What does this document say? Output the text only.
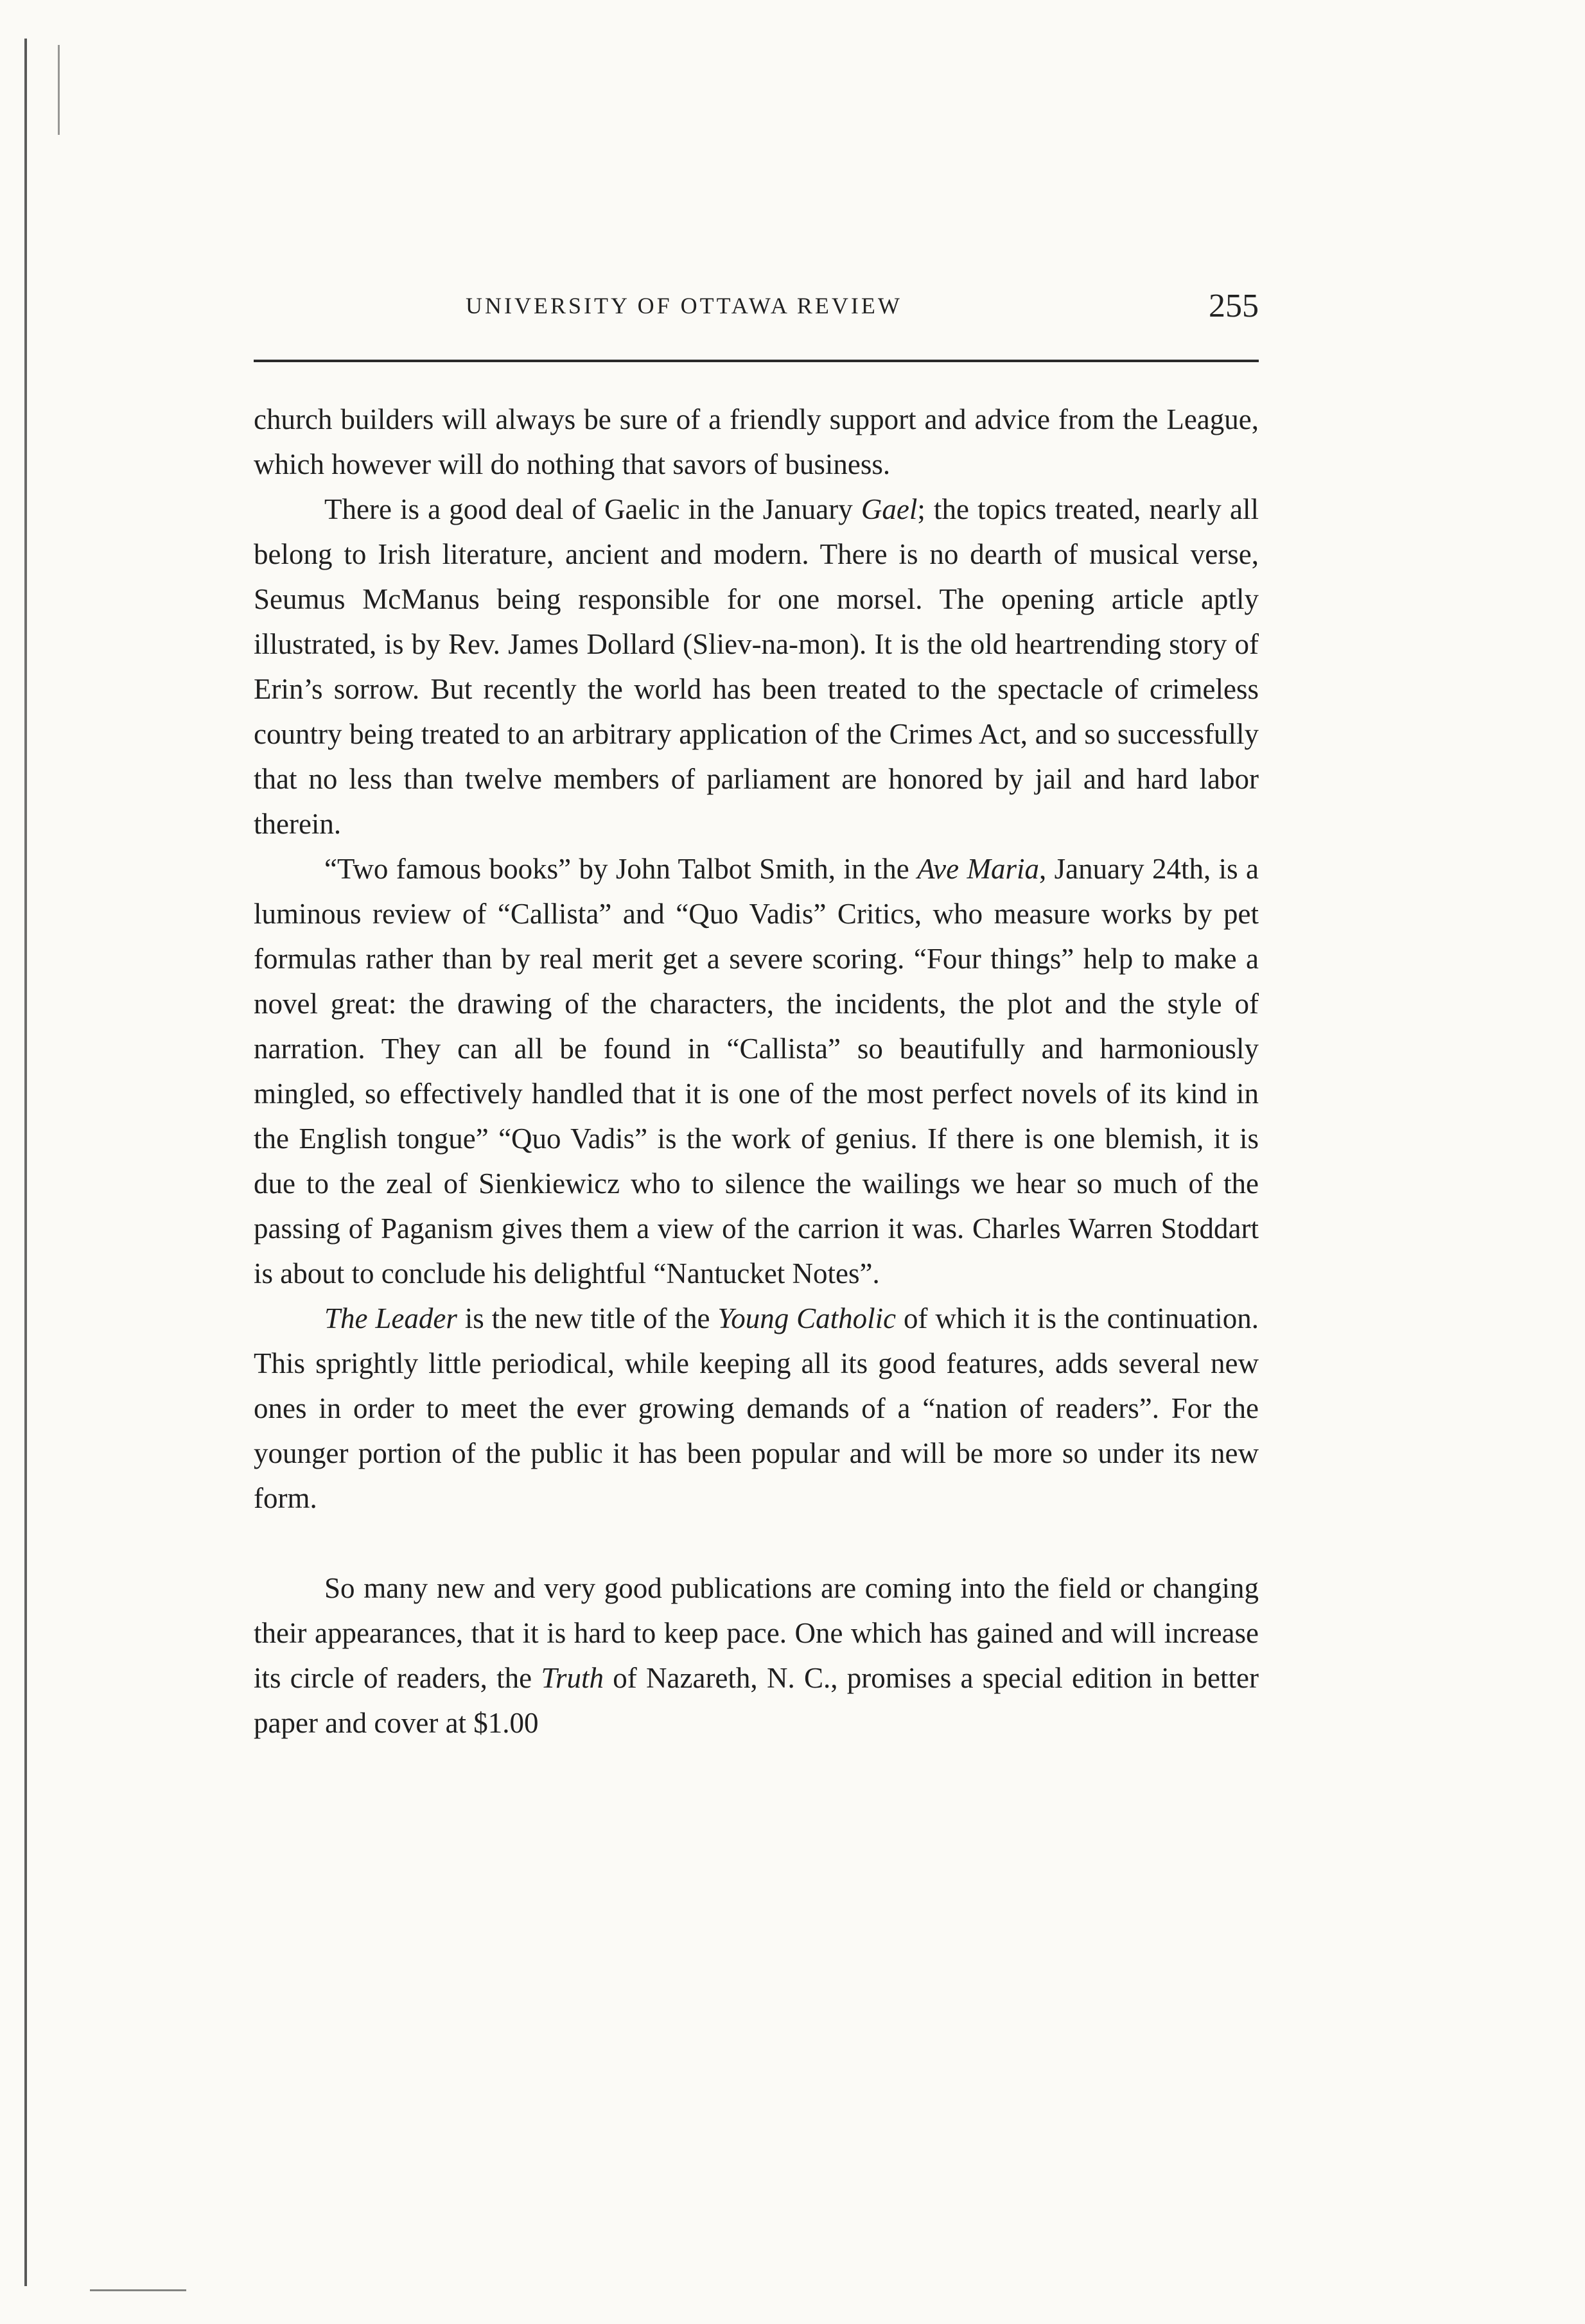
UNIVERSITY OF OTTAWA REVIEW	255

church builders will always be sure of a friendly support and advice from the League, which however will do nothing that savors of business.

There is a good deal of Gaelic in the January Gael; the topics treated, nearly all belong to Irish literature, ancient and modern. There is no dearth of musical verse, Seumus McManus being responsible for one morsel. The opening article aptly illustrated, is by Rev. James Dollard (Sliev-na-mon). It is the old heartrending story of Erin’s sorrow. But recently the world has been treated to the spectacle of crimeless country being treated to an arbitrary application of the Crimes Act, and so successfully that no less than twelve members of parliament are honored by jail and hard labor therein.

“Two famous books” by John Talbot Smith, in the Ave Maria, January 24th, is a luminous review of “Callista” and “Quo Vadis” Critics, who measure works by pet formulas rather than by real merit get a severe scoring. “Four things” help to make a novel great: the drawing of the characters, the incidents, the plot and the style of narration. They can all be found in “Callista” so beautifully and harmoniously mingled, so effectively handled that it is one of the most perfect novels of its kind in the English tongue” “Quo Vadis” is the work of genius. If there is one blemish, it is due to the zeal of Sienkiewicz who to silence the wailings we hear so much of the passing of Paganism gives them a view of the carrion it was. Charles Warren Stoddart is about to conclude his delightful “Nantucket Notes”.

The Leader is the new title of the Young Catholic of which it is the continuation. This sprightly little periodical, while keeping all its good features, adds several new ones in order to meet the ever growing demands of a “nation of readers”. For the younger portion of the public it has been popular and will be more so under its new form.

So many new and very good publications are coming into the field or changing their appearances, that it is hard to keep pace. One which has gained and will increase its circle of readers, the Truth of Nazareth, N. C., promises a special edition in better paper and cover at $1.00
